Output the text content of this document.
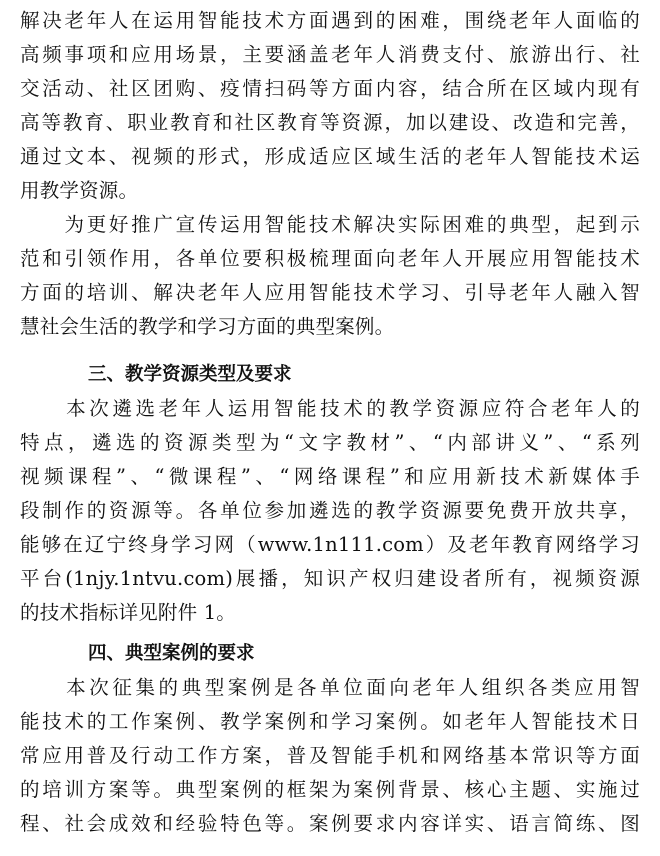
解决老年人在运用智能技术方面遇到的困难，围绕老年人面临的
高频事项和应用场景，主要涵盖老年人消费支付、旅游出行、社
交活动、社区团购、疫情扫码等方面内容，结合所在区域内现有
高等教育、职业教育和社区教育等资源，加以建设、改造和完善，
通过文本、视频的形式，形成适应区域生活的老年人智能技术运
用教学资源。
　　为更好推广宣传运用智能技术解决实际困难的典型，起到示
范和引领作用，各单位要积极梳理面向老年人开展应用智能技术
方面的培训、解决老年人应用智能技术学习、引导老年人融入智
慧社会生活的教学和学习方面的典型案例。
三、教学资源类型及要求
　　本次遴选老年人运用智能技术的教学资源应符合老年人的
特点，遴选的资源类型为“文字教材”、“内部讲义”、“系列
视频课程”、“微课程”、“网络课程”和应用新技术新媒体手
段制作的资源等。各单位参加遴选的教学资源要免费开放共享，
能够在辽宁终身学习网（www.1n111.com）及老年教育网络学习
平台(1njy.1ntvu.com)展播，知识产权归建设者所有，视频资源
的技术指标详见附件 1。
四、典型案例的要求
　　本次征集的典型案例是各单位面向老年人组织各类应用智
能技术的工作案例、教学案例和学习案例。如老年人智能技术日
常应用普及行动工作方案，普及智能手机和网络基本常识等方面
的培训方案等。典型案例的框架为案例背景、核心主题、实施过
程、社会成效和经验特色等。案例要求内容详实、语言简练、图
